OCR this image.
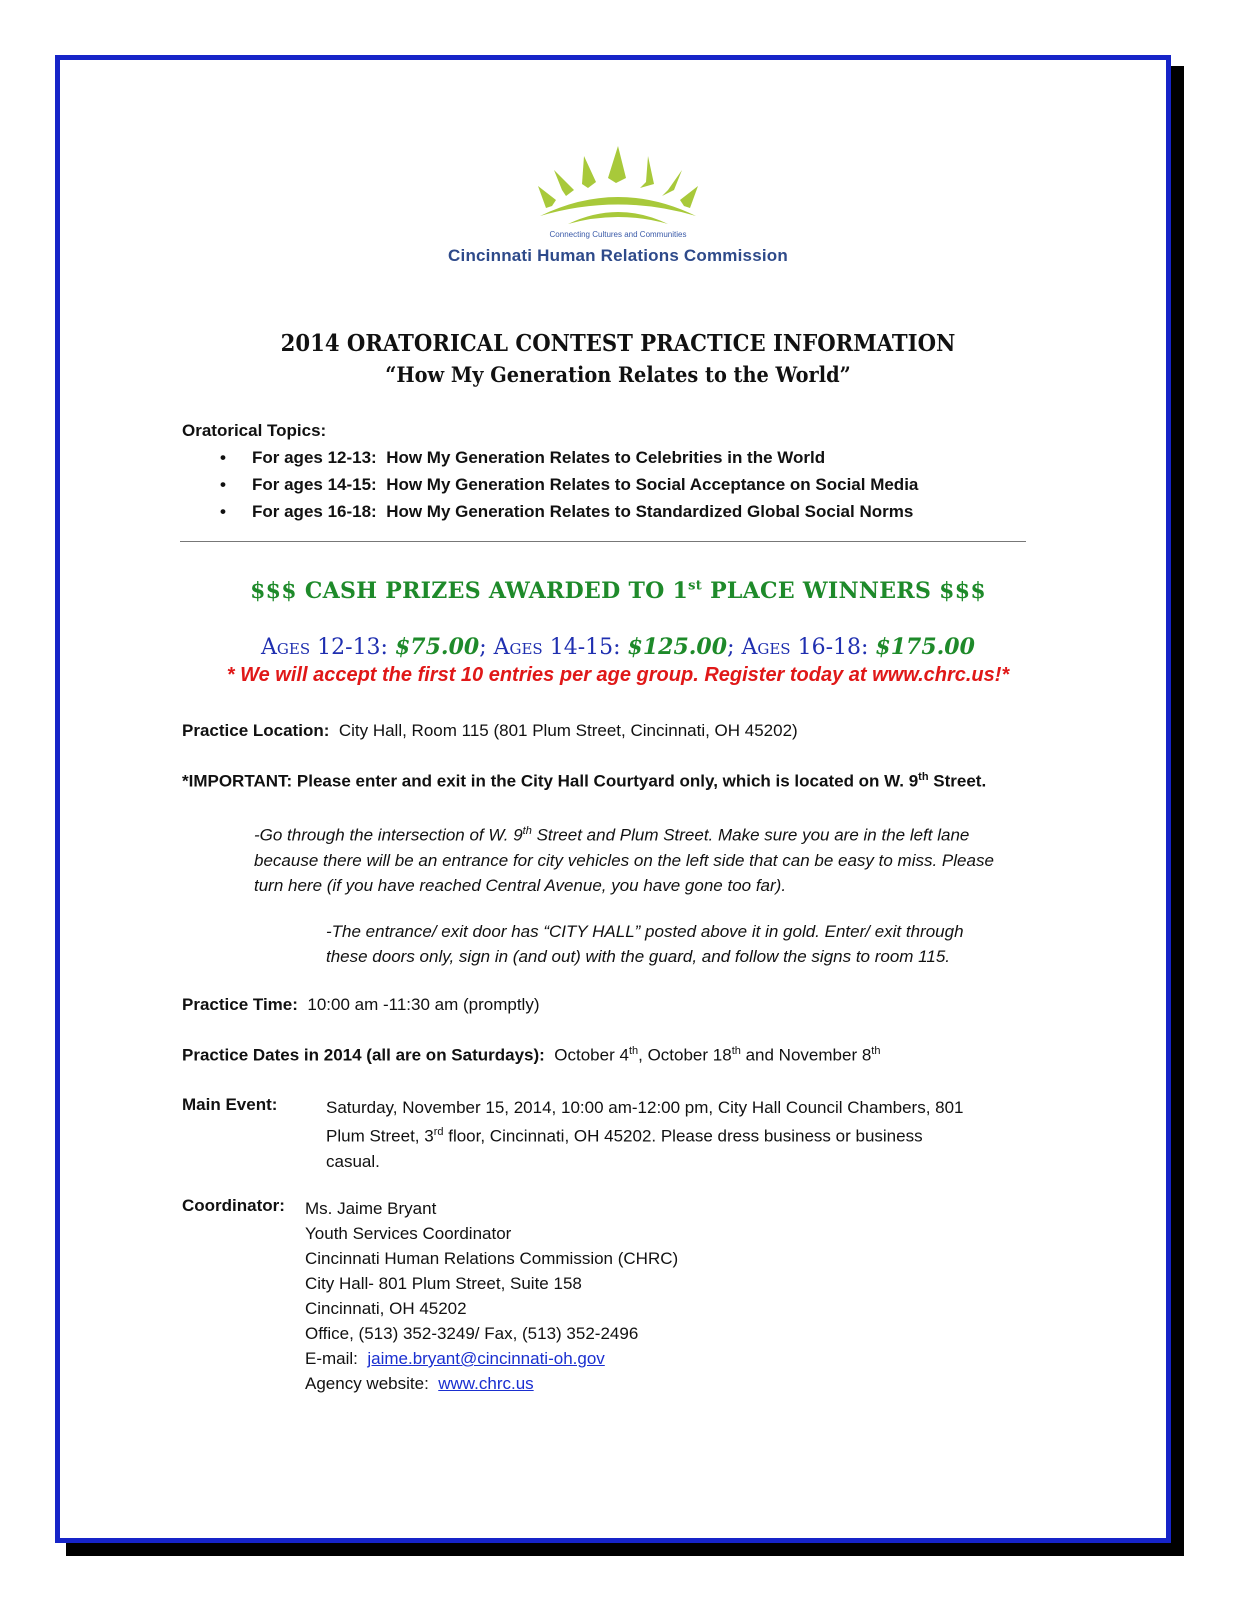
Connecting Cultures and Communities
Cincinnati Human Relations Commission
2014 ORATORICAL CONTEST PRACTICE INFORMATION
“How My Generation Relates to the World”
Oratorical Topics:
• For ages 12-13: How My Generation Relates to Celebrities in the World
• For ages 14-15: How My Generation Relates to Social Acceptance on Social Media
• For ages 16-18: How My Generation Relates to Standardized Global Social Norms
$$$ CASH PRIZES AWARDED TO 1st PLACE WINNERS $$$
Ages 12-13: $75.00; Ages 14-15: $125.00; Ages 16-18: $175.00
* We will accept the first 10 entries per age group. Register today at www.chrc.us!*
Practice Location: City Hall, Room 115 (801 Plum Street, Cincinnati, OH 45202)
*IMPORTANT: Please enter and exit in the City Hall Courtyard only, which is located on W. 9th Street.
-Go through the intersection of W. 9th Street and Plum Street. Make sure you are in the left lane
because there will be an entrance for city vehicles on the left side that can be easy to miss. Please
turn here (if you have reached Central Avenue, you have gone too far).
-The entrance/ exit door has “CITY HALL” posted above it in gold. Enter/ exit through
these doors only, sign in (and out) with the guard, and follow the signs to room 115.
Practice Time: 10:00 am -11:30 am (promptly)
Practice Dates in 2014 (all are on Saturdays): October 4th, October 18th and November 8th
Main Event:	Saturday, November 15, 2014, 10:00 am-12:00 pm, City Hall Council Chambers, 801
Plum Street, 3rd floor, Cincinnati, OH 45202. Please dress business or business
casual.
Coordinator: Ms. Jaime Bryant
Youth Services Coordinator
Cincinnati Human Relations Commission (CHRC)
City Hall- 801 Plum Street, Suite 158
Cincinnati, OH 45202
Office, (513) 352-3249/ Fax, (513) 352-2496
E-mail: jaime.bryant@cincinnati-oh.gov
Agency website: www.chrc.us
